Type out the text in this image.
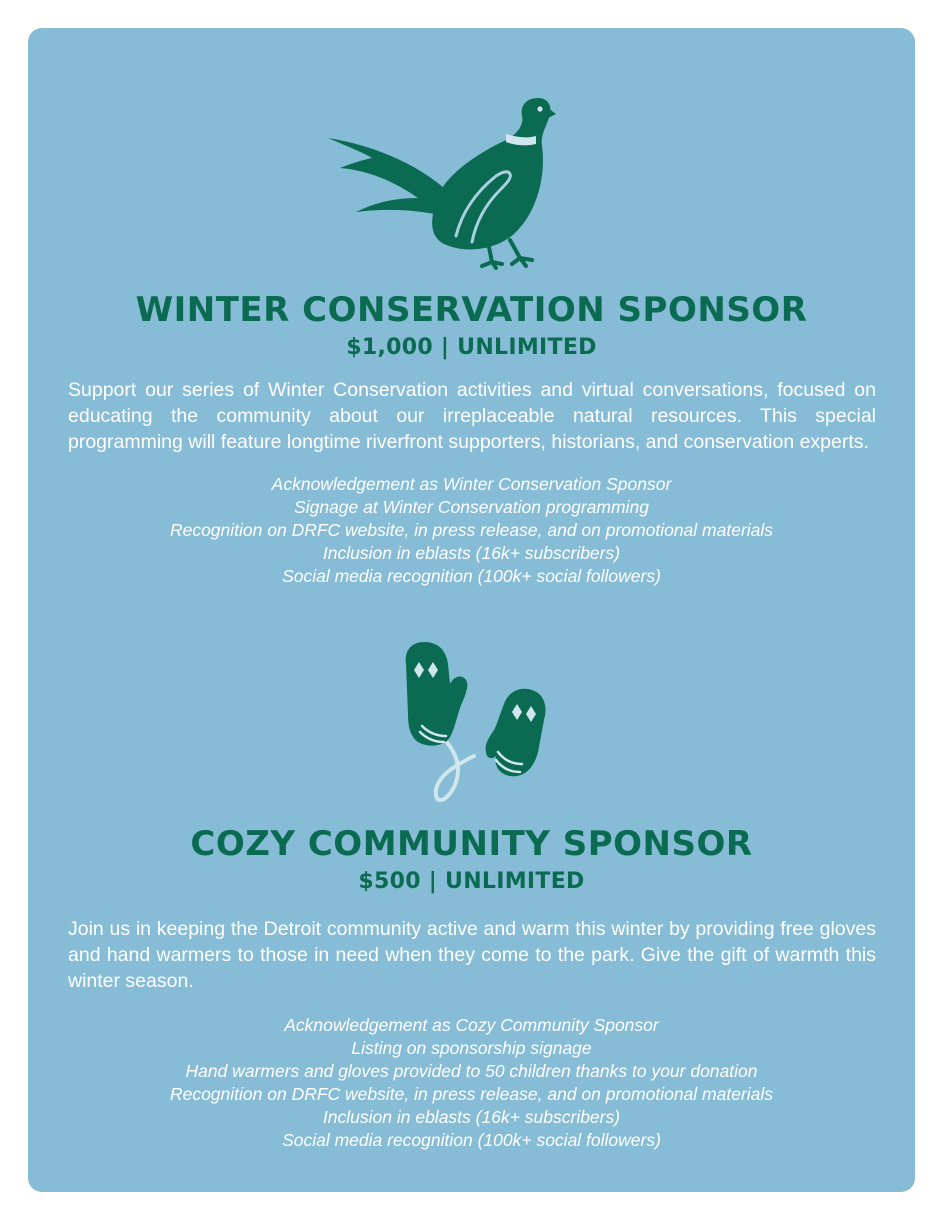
WINTER CONSERVATION SPONSOR
$1,000 | UNLIMITED

Support our series of Winter Conservation activities and virtual conversations, focused on educating the community about our irreplaceable natural resources. This special programming will feature longtime riverfront supporters, historians, and conservation experts.

Acknowledgement as Winter Conservation Sponsor
Signage at Winter Conservation programming
Recognition on DRFC website, in press release, and on promotional materials
Inclusion in eblasts (16k+ subscribers)
Social media recognition (100k+ social followers)
COZY COMMUNITY SPONSOR
$500 | UNLIMITED

Join us in keeping the Detroit community active and warm this winter by providing free gloves and hand warmers to those in need when they come to the park. Give the gift of warmth this winter season.

Acknowledgement as Cozy Community Sponsor
Listing on sponsorship signage
Hand warmers and gloves provided to 50 children thanks to your donation
Recognition on DRFC website, in press release, and on promotional materials
Inclusion in eblasts (16k+ subscribers)
Social media recognition (100k+ social followers)
